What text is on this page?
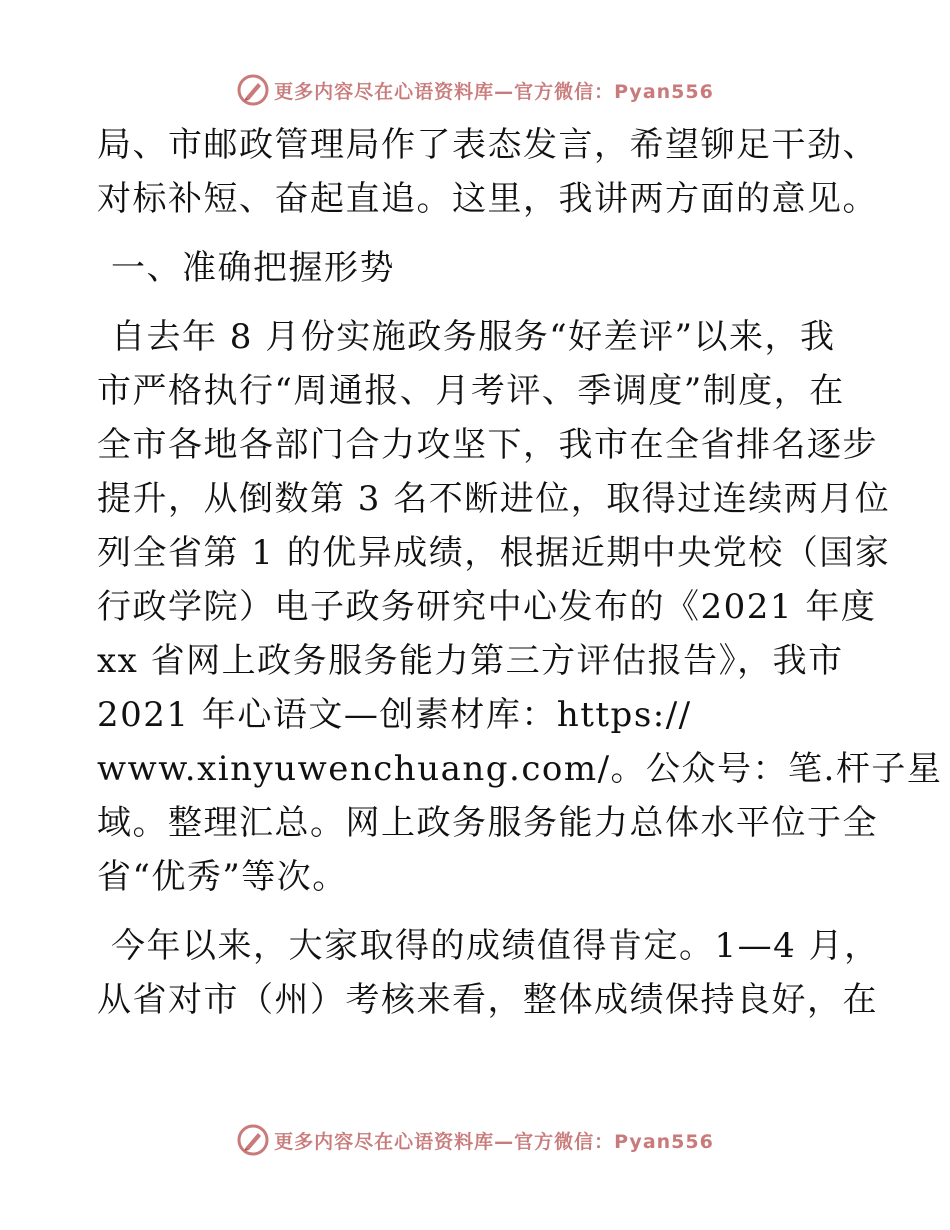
更多内容尽在心语资料库—官方微信：Pyan556
局、市邮政管理局作了表态发言，希望铆足干劲、
对标补短、奋起直追。这里，我讲两方面的意见。
一、准确把握形势
自去年 8 月份实施政务服务“好差评”以来，我
市严格执行“周通报、月考评、季调度”制度，在
全市各地各部门合力攻坚下，我市在全省排名逐步
提升，从倒数第 3 名不断进位，取得过连续两月位
列全省第 1 的优异成绩，根据近期中央党校（国家
行政学院）电子政务研究中心发布的《2021 年度
xx 省网上政务服务能力第三方评估报告》，我市
2021 年心语文—创素材库：https://
www.xinyuwenchuang.com/。公众号：笔.杆子星
域。整理汇总。网上政务服务能力总体水平位于全
省“优秀”等次。
今年以来，大家取得的成绩值得肯定。1—4 月，
从省对市（州）考核来看，整体成绩保持良好，在
更多内容尽在心语资料库—官方微信：Pyan556
